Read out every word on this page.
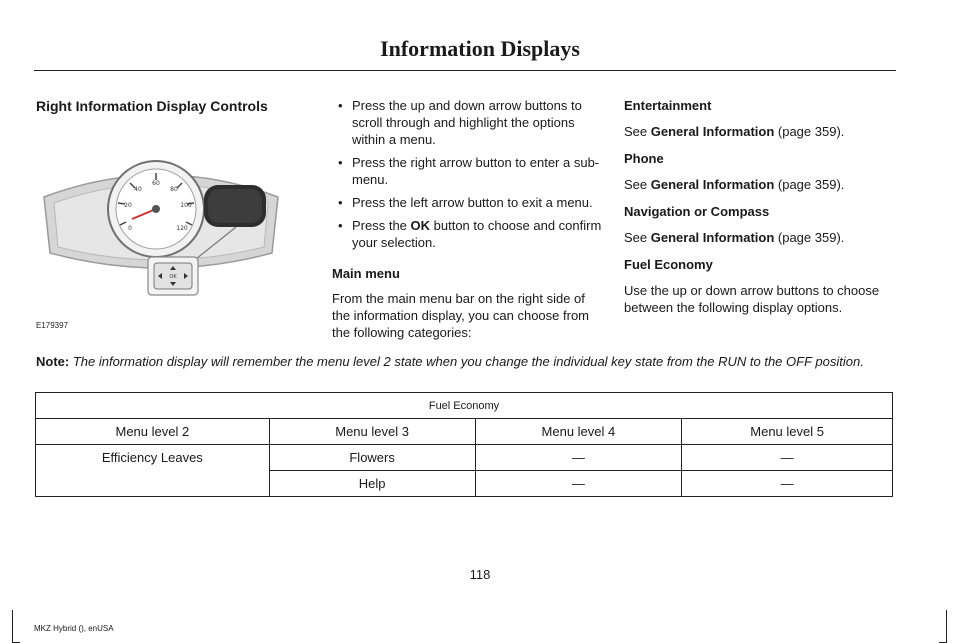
Information Displays
Right Information Display Controls
0
20
40
60
80
100
120
OK
E179397
• Press the up and down arrow buttons to scroll through and highlight the options within a menu.
• Press the right arrow button to enter a sub-menu.
• Press the left arrow button to exit a menu.
• Press the OK button to choose and confirm your selection.
Main menu

From the main menu bar on the right side of the information display, you can choose from the following categories:

Entertainment

See General Information (page 359).

Phone

See General Information (page 359).

Navigation or Compass

See General Information (page 359).

Fuel Economy

Use the up or down arrow buttons to choose between the following display options.

Note: The information display will remember the menu level 2 state when you change the individual key state from the RUN to the OFF position.
Fuel Economy			
Menu level 2	Menu level 3	Menu level 4	Menu level 5
Efficiency Leaves	Flowers	—	—
	Help	—	—
118
MKZ Hybrid (), enUSA
